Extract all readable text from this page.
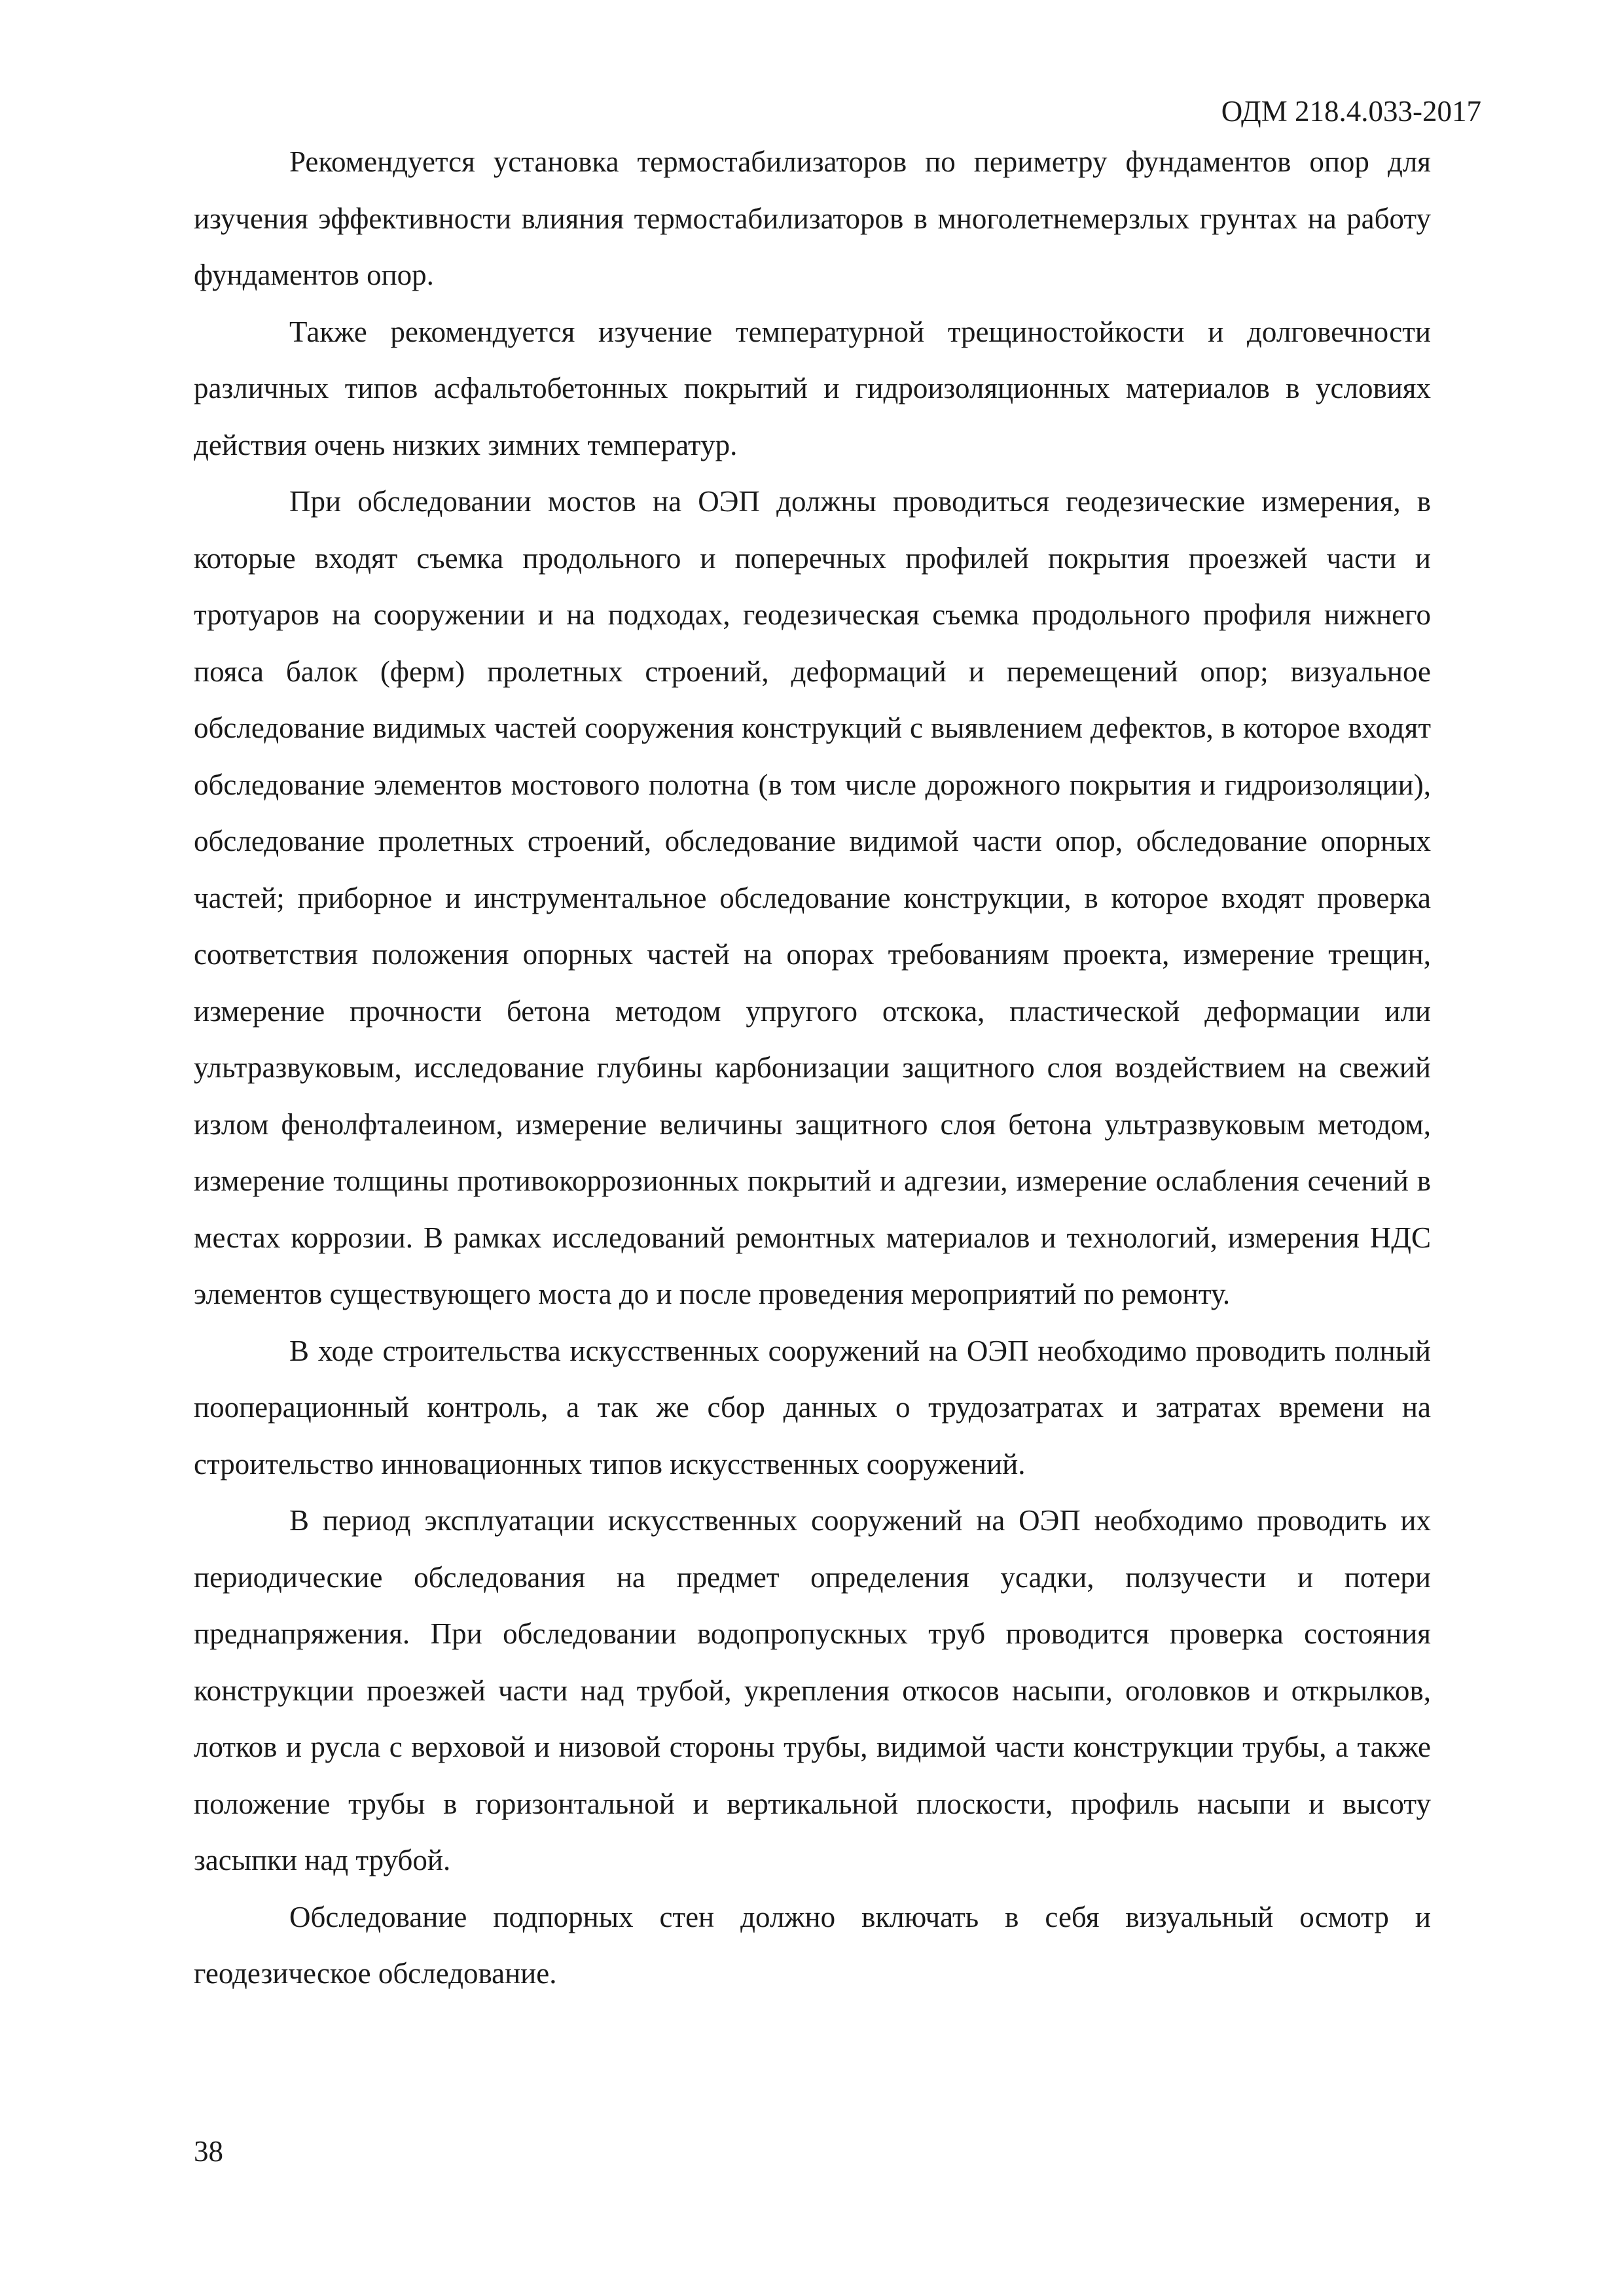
ОДМ 218.4.033-2017

Рекомендуется установка термостабилизаторов по периметру фундаментов опор для изучения эффективности влияния термостабилизаторов в многолетнемерзлых грунтах на работу фундаментов опор.

Также рекомендуется изучение температурной трещиностойкости и долговечности различных типов асфальтобетонных покрытий и гидроизоляционных материалов в условиях действия очень низких зимних температур.

При обследовании мостов на ОЭП должны проводиться геодезические измерения, в которые входят съемка продольного и поперечных профилей покрытия проезжей части и тротуаров на сооружении и на подходах, геодезическая съемка продольного профиля нижнего пояса балок (ферм) пролетных строений, деформаций и перемещений опор; визуальное обследование видимых частей сооружения конструкций с выявлением дефектов, в которое входят обследование элементов мостового полотна (в том числе дорожного покрытия и гидроизоляции), обследование пролетных строений, обследование видимой части опор, обследование опорных частей; приборное и инструментальное обследование конструкции, в которое входят проверка соответствия положения опорных частей на опорах требованиям проекта, измерение трещин, измерение прочности бетона методом упругого отскока, пластической деформации или ультразвуковым, исследование глубины карбонизации защитного слоя воздействием на свежий излом фенолфталеином, измерение величины защитного слоя бетона ультразвуковым методом, измерение толщины противокоррозионных покрытий и адгезии, измерение ослабления сечений в местах коррозии. В рамках исследований ремонтных материалов и технологий, измерения НДС элементов существующего моста до и после проведения мероприятий по ремонту.

В ходе строительства искусственных сооружений на ОЭП необходимо проводить полный пооперационный контроль, а так же сбор данных о трудозатратах и затратах времени на строительство инновационных типов искусственных сооружений.

В период эксплуатации искусственных сооружений на ОЭП необходимо проводить их периодические обследования на предмет определения усадки, ползучести и потери преднапряжения. При обследовании водопропускных труб проводится проверка состояния конструкции проезжей части над трубой, укрепления откосов насыпи, оголовков и открылков, лотков и русла с верховой и низовой стороны трубы, видимой части конструкции трубы, а также положение трубы в горизонтальной и вертикальной плоскости, профиль насыпи и высоту засыпки над трубой.

Обследование подпорных стен должно включать в себя визуальный осмотр и геодезическое обследование.

38
